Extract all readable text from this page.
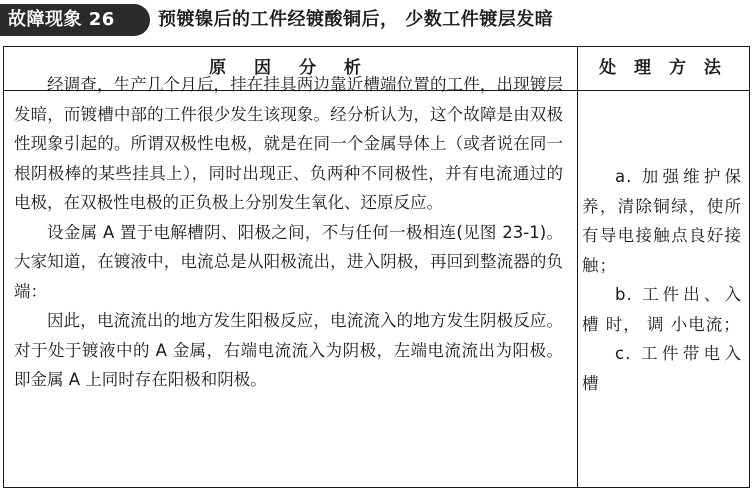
故障现象 26	预镀镍后的工件经镀酸铜后， 少数工件镀层发暗
原 因 分 析	处 理 方 法

经调查，生产几个月后，挂在挂具两边靠近槽端位置的工件，出现镀层发暗，而镀槽中部的工件很少发生该现象。经分析认为，这个故障是由双极性现象引起的。所谓双极性电极，就是在同一个金属导体上（或者说在同一根阴极棒的某些挂具上），同时出现正、负两种不同极性，并有电流通过的电极，在双极性电极的正负极上分别发生氧化、还原反应。

设金属 A 置于电解槽阴、阳极之间，不与任何一极相连(见图 23-1)。大家知道，在镀液中，电流总是从阳极流出，进入阴极，再回到整流器的负端：

因此，电流流出的地方发生阳极反应，电流流入的地方发生阴极反应。对于处于镀液中的 A 金属，右端电流流入为阴极，左端电流流出为阳极。即金属 A 上同时存在阳极和阴极。

a. 加强维护保养，清除铜绿，使所有导电接触点良好接触；

b. 工件出、入 槽 时， 调 小电流；

c. 工件带电入槽
